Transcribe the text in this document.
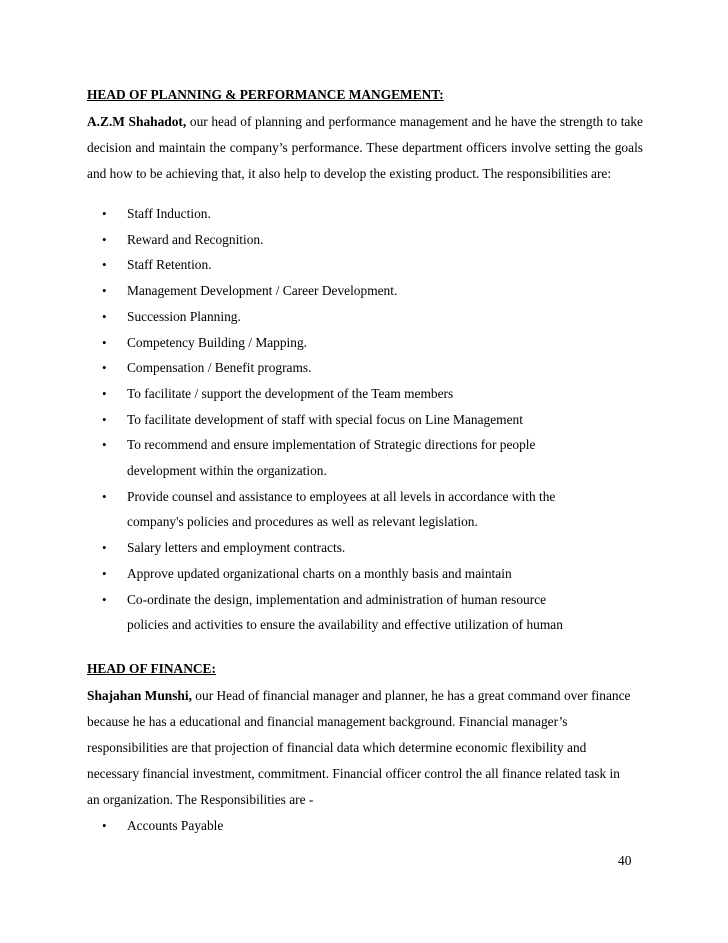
HEAD OF PLANNING & PERFORMANCE MANGEMENT:

A.Z.M Shahadot, our head of planning and performance management and he have the strength to take decision and maintain the company’s performance. These department officers involve setting the goals and how to be achieving that, it also help to develop the existing product. The responsibilities are:

• Staff Induction.
• Reward and Recognition.
• Staff Retention.
• Management Development / Career Development.
• Succession Planning.
• Competency Building / Mapping.
• Compensation / Benefit programs.
• To facilitate / support the development of the Team members
• To facilitate development of staff with special focus on Line Management
• To recommend and ensure implementation of Strategic directions for people development within the organization.
• Provide counsel and assistance to employees at all levels in accordance with the company's policies and procedures as well as relevant legislation.
• Salary letters and employment contracts.
• Approve updated organizational charts on a monthly basis and maintain
• Co-ordinate the design, implementation and administration of human resource policies and activities to ensure the availability and effective utilization of human
HEAD OF FINANCE:

Shajahan Munshi, our Head of financial manager and planner, he has a great command over finance because he has a educational and financial management background. Financial manager’s responsibilities are that projection of financial data which determine economic flexibility and necessary financial investment, commitment. Financial officer control the all finance related task in an organization. The Responsibilities are -

• Accounts Payable
40
